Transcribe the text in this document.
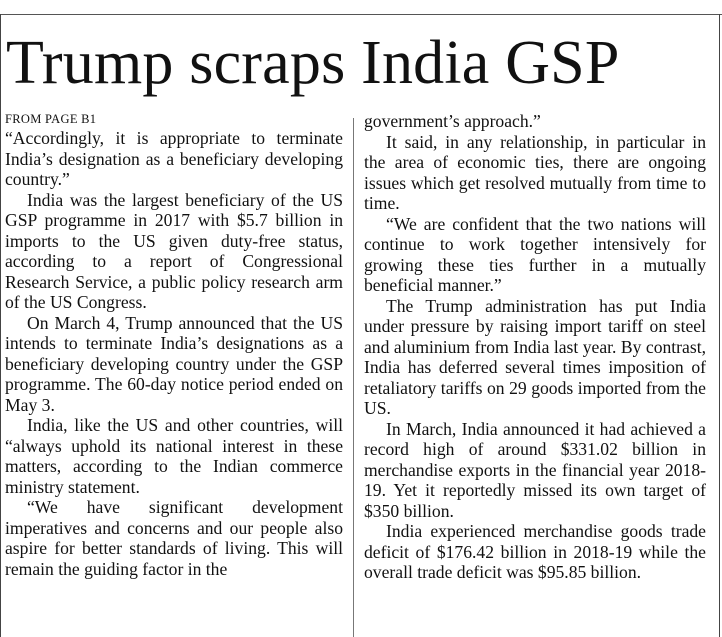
Trump scraps India GSP
FROM PAGE B1

“Accordingly, it is appropriate to terminate India’s designation as a beneficiary developing country.”

India was the largest beneficiary of the US GSP programme in 2017 with $5.7 billion in imports to the US given duty-free status, according to a report of Congressional Research Service, a public policy research arm of the US Congress.

On March 4, Trump announced that the US intends to terminate India’s designations as a beneficiary developing country under the GSP programme. The 60-day notice period ended on May 3.

India, like the US and other countries, will “always uphold its national interest in these matters, according to the Indian commerce ministry statement.

“We have significant development imperatives and concerns and our people also aspire for better standards of living. This will remain the guiding factor in the

government’s approach.”

It said, in any relationship, in particular in the area of economic ties, there are ongoing issues which get resolved mutually from time to time.

“We are confident that the two nations will continue to work together intensively for growing these ties further in a mutually beneficial manner.”

The Trump administration has put India under pressure by raising import tariff on steel and aluminium from India last year. By contrast, India has deferred several times imposition of retaliatory tariffs on 29 goods imported from the US.

In March, India announced it had achieved a record high of around $331.02 billion in merchandise exports in the financial year 2018-19. Yet it reportedly missed its own target of $350 billion.

India experienced merchandise goods trade deficit of $176.42 billion in 2018-19 while the overall trade deficit was $95.85 billion.
